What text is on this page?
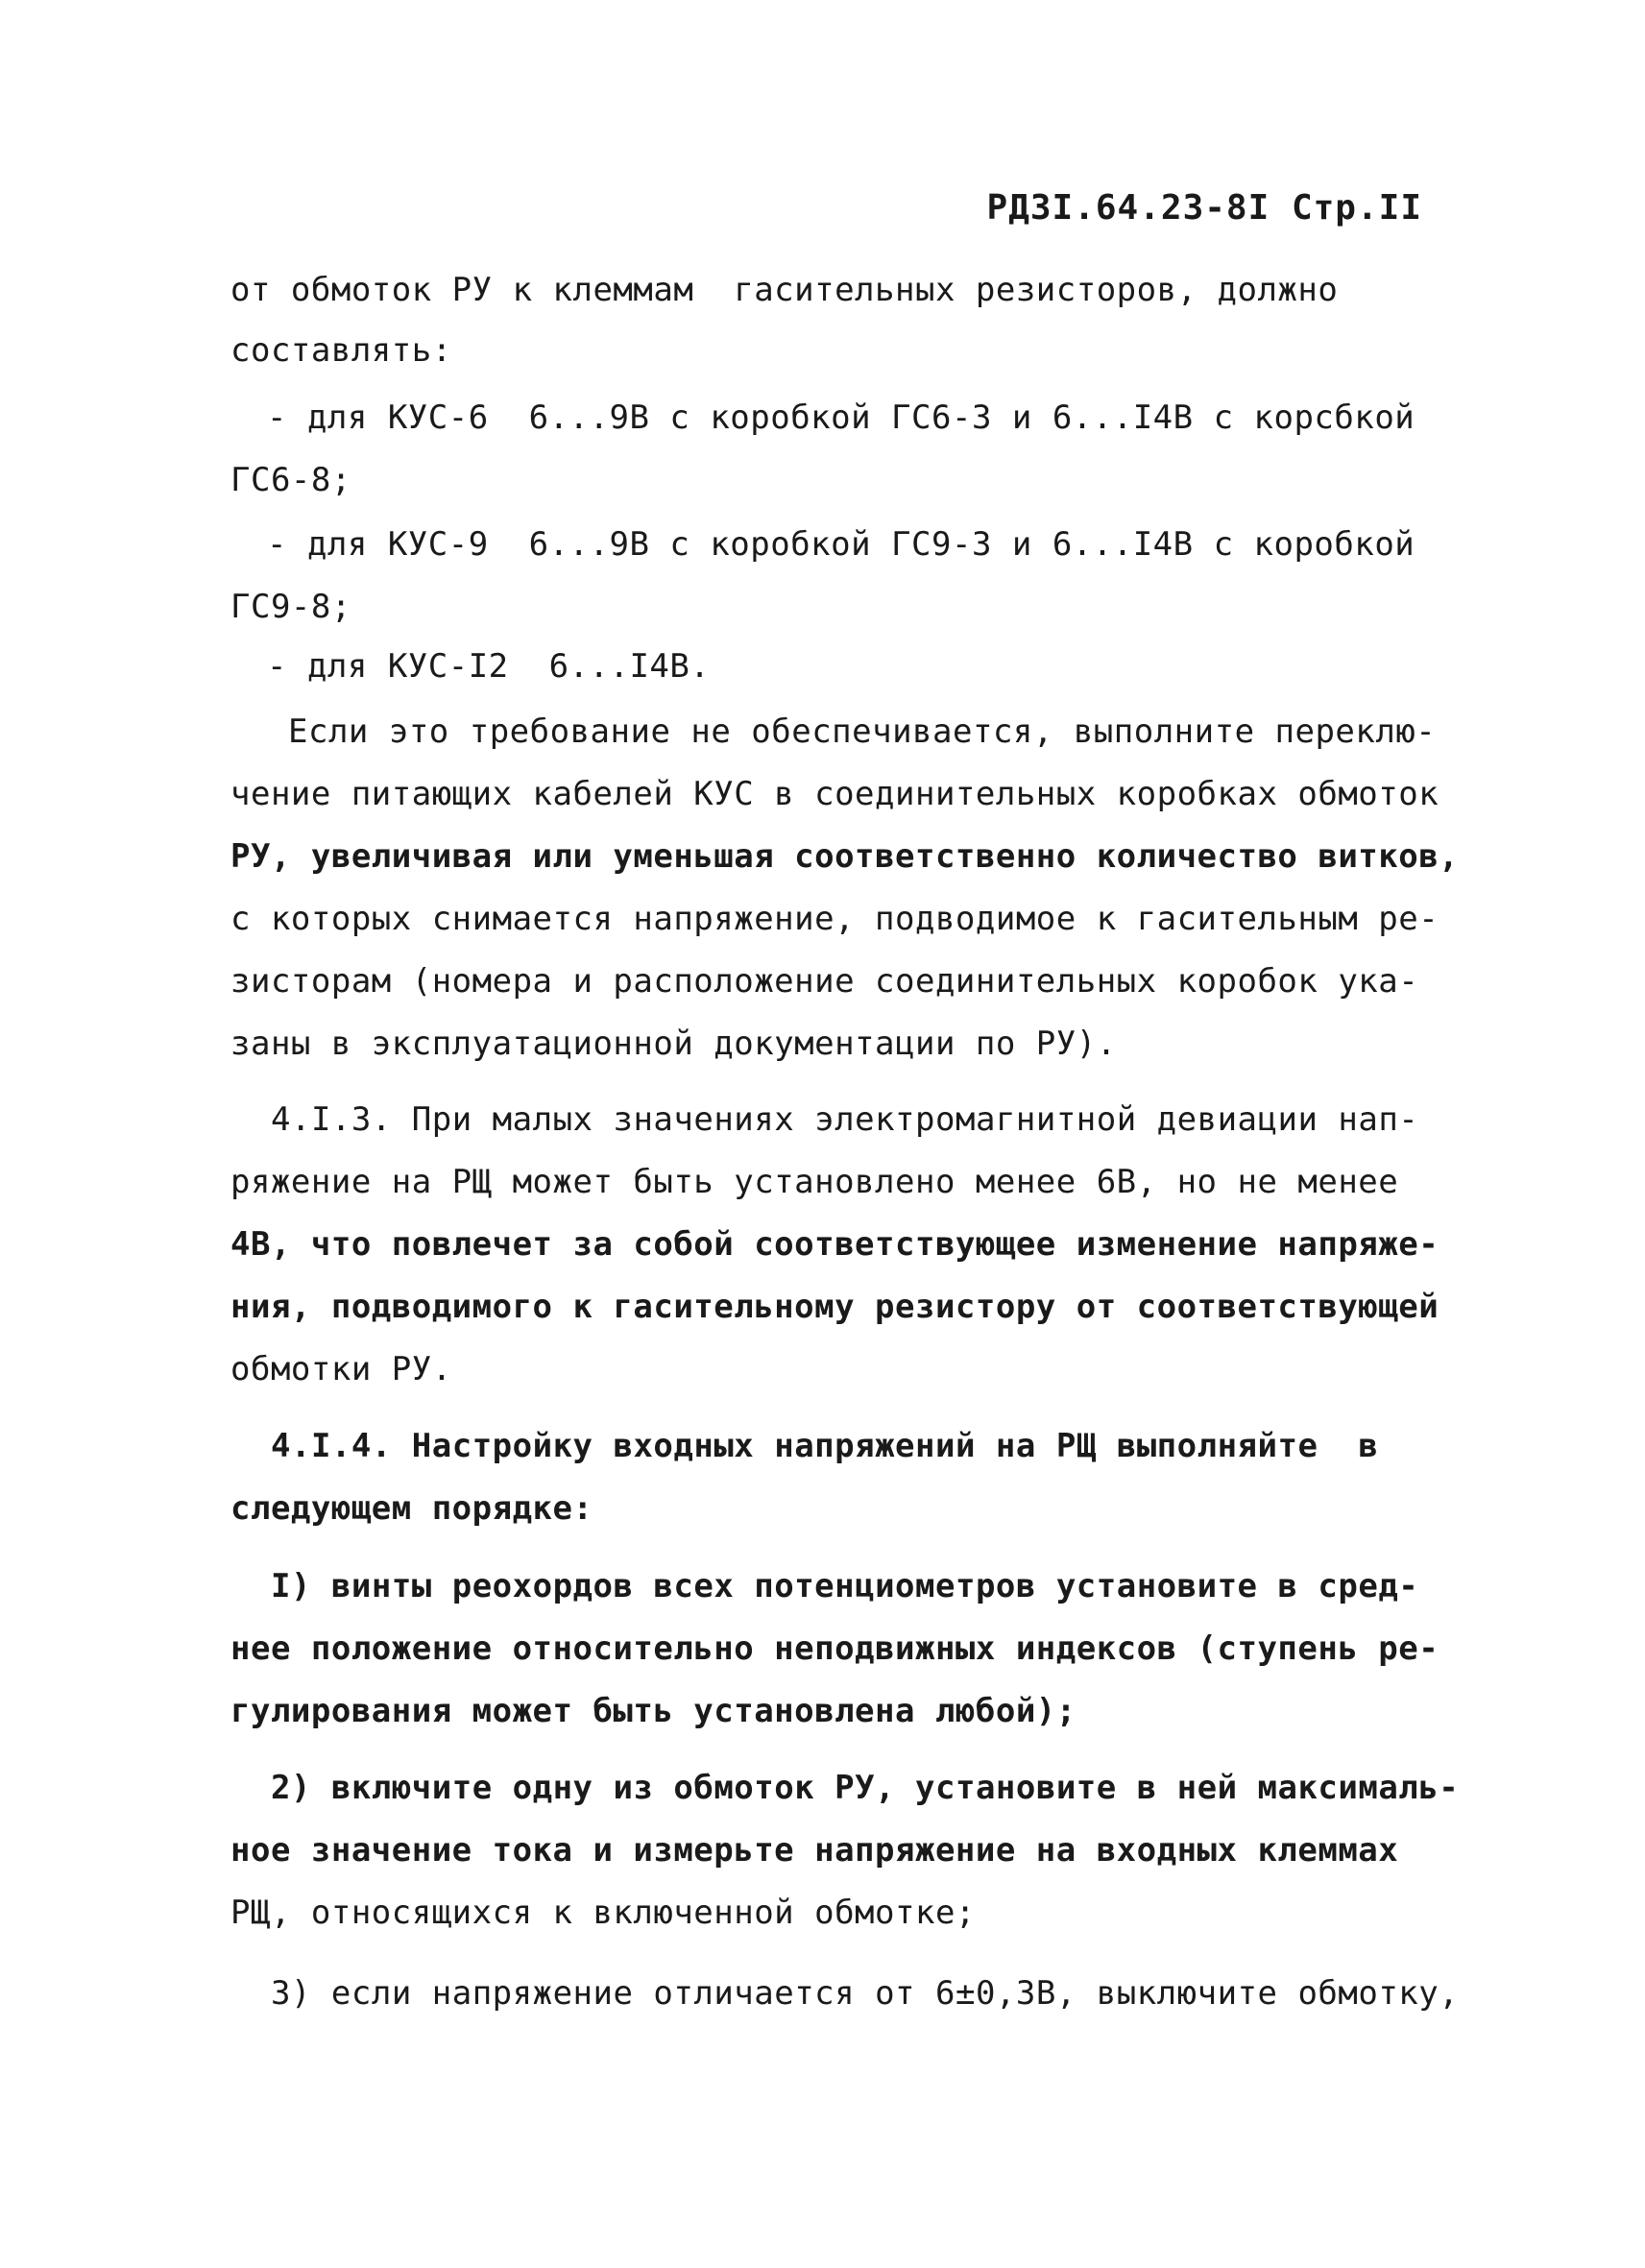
РДЗI.64.23-8I Стр.II
от обмоток РУ к клеммам  гасительных резисторов, должно
составлять:
- для КУС-6  6...9В с коробкой ГС6-3 и 6...I4В с корсбкой
ГС6-8;
- для КУС-9  6...9В с коробкой ГС9-3 и 6...I4В с коробкой
ГС9-8;
- для КУС-I2  6...I4В.
Если это требование не обеспечивается, выполните переклю-
чение питающих кабелей КУС в соединительных коробках обмоток
РУ, увеличивая или уменьшая соответственно количество витков,
с которых снимается напряжение, подводимое к гасительным ре-
зисторам (номера и расположение соединительных коробок ука-
заны в эксплуатационной документации по РУ).
4.I.3. При малых значениях электромагнитной девиации нап-
ряжение на РЩ может быть установлено менее 6В, но не менее
4В, что повлечет за собой соответствующее изменение напряже-
ния, подводимого к гасительному резистору от соответствующей
обмотки РУ.
4.I.4. Настройку входных напряжений на РЩ выполняйте  в
следующем порядке:
I) винты реохордов всех потенциометров установите в сред-
нее положение относительно неподвижных индексов (ступень ре-
гулирования может быть установлена любой);
2) включите одну из обмоток РУ, установите в ней максималь-
ное значение тока и измерьте напряжение на входных клеммах
РЩ, относящихся к включенной обмотке;
3) если напряжение отличается от 6±0,3В, выключите обмотку,
